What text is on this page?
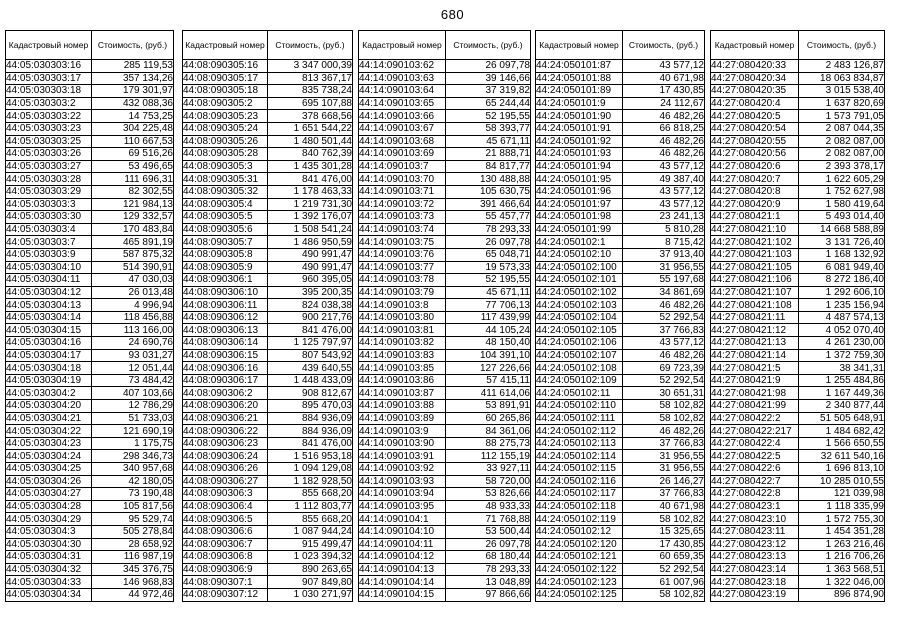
680
Кадастровый номер	Стоимость, (руб.)
44:05:030303:16	285 119,53
44:05:030303:17	357 134,26
44:05:030303:18	179 301,97
44:05:030303:2	432 088,36
44:05:030303:22	14 753,25
44:05:030303:23	304 225,48
44:05:030303:25	110 667,53
44:05:030303:26	69 516,26
44:05:030303:27	53 496,65
44:05:030303:28	111 696,31
44:05:030303:29	82 302,55
44:05:030303:3	121 984,13
44:05:030303:30	129 332,57
44:05:030303:4	170 483,84
44:05:030303:7	465 891,19
44:05:030303:9	587 875,32
44:05:030304:10	514 390,91
44:05:030304:11	47 030,03
44:05:030304:12	26 013,48
44:05:030304:13	4 996,94
44:05:030304:14	118 456,88
44:05:030304:15	113 166,00
44:05:030304:16	24 690,76
44:05:030304:17	93 031,27
44:05:030304:18	12 051,44
44:05:030304:19	73 484,42
44:05:030304:2	407 103,66
44:05:030304:20	12 786,29
44:05:030304:21	51 733,03
44:05:030304:22	121 690,19
44:05:030304:23	1 175,75
44:05:030304:24	298 346,73
44:05:030304:25	340 957,68
44:05:030304:26	42 180,05
44:05:030304:27	73 190,48
44:05:030304:28	105 817,56
44:05:030304:29	95 529,74
44:05:030304:3	505 278,84
44:05:030304:30	28 658,92
44:05:030304:31	116 987,19
44:05:030304:32	345 376,75
44:05:030304:33	146 968,83
44:05:030304:34	44 972,46
Кадастровый номер	Стоимость, (руб.)
44:08:090305:16	3 347 000,39
44:08:090305:17	813 367,17
44:08:090305:18	835 738,24
44:08:090305:2	695 107,88
44:08:090305:23	378 668,56
44:08:090305:24	1 651 544,22
44:08:090305:26	1 480 501,44
44:08:090305:28	840 762,39
44:08:090305:3	1 435 301,28
44:08:090305:31	841 476,00
44:08:090305:32	1 178 463,33
44:08:090305:4	1 219 731,30
44:08:090305:5	1 392 176,07
44:08:090305:6	1 508 541,24
44:08:090305:7	1 486 950,59
44:08:090305:8	490 991,47
44:08:090305:9	490 991,47
44:08:090306:1	960 395,05
44:08:090306:10	395 200,35
44:08:090306:11	824 038,38
44:08:090306:12	900 217,76
44:08:090306:13	841 476,00
44:08:090306:14	1 125 797,97
44:08:090306:15	807 543,92
44:08:090306:16	439 640,55
44:08:090306:17	1 448 433,09
44:08:090306:2	908 812,67
44:08:090306:20	895 470,03
44:08:090306:21	884 936,09
44:08:090306:22	884 936,09
44:08:090306:23	841 476,00
44:08:090306:24	1 516 953,18
44:08:090306:26	1 094 129,08
44:08:090306:27	1 182 928,50
44:08:090306:3	855 668,20
44:08:090306:4	1 112 803,77
44:08:090306:5	855 668,20
44:08:090306:6	1 087 944,24
44:08:090306:7	915 499,47
44:08:090306:8	1 023 394,32
44:08:090306:9	890 263,65
44:08:090307:1	907 849,80
44:08:090307:12	1 030 271,97
Кадастровый номер	Стоимость, (руб.)
44:14:090103:62	26 097,78
44:14:090103:63	39 146,66
44:14:090103:64	37 319,82
44:14:090103:65	65 244,44
44:14:090103:66	52 195,55
44:14:090103:67	58 393,77
44:14:090103:68	45 671,11
44:14:090103:69	21 888,71
44:14:090103:7	84 817,77
44:14:090103:70	130 488,88
44:14:090103:71	105 630,75
44:14:090103:72	391 466,64
44:14:090103:73	55 457,77
44:14:090103:74	78 293,33
44:14:090103:75	26 097,78
44:14:090103:76	65 048,71
44:14:090103:77	19 573,33
44:14:090103:78	52 195,55
44:14:090103:79	45 671,11
44:14:090103:8	77 706,13
44:14:090103:80	117 439,99
44:14:090103:81	44 105,24
44:14:090103:82	48 150,40
44:14:090103:83	104 391,10
44:14:090103:85	127 226,66
44:14:090103:86	57 415,11
44:14:090103:87	411 614,06
44:14:090103:88	53 891,91
44:14:090103:89	60 265,86
44:14:090103:9	84 361,06
44:14:090103:90	88 275,73
44:14:090103:91	112 155,19
44:14:090103:92	33 927,11
44:14:090103:93	58 720,00
44:14:090103:94	53 826,66
44:14:090103:95	48 933,33
44:14:090104:1	71 768,88
44:14:090104:10	53 500,44
44:14:090104:11	26 097,78
44:14:090104:12	68 180,44
44:14:090104:13	78 293,33
44:14:090104:14	13 048,89
44:14:090104:15	97 866,66
Кадастровый номер	Стоимость, (руб.)
44:24:050101:87	43 577,12
44:24:050101:88	40 671,98
44:24:050101:89	17 430,85
44:24:050101:9	24 112,67
44:24:050101:90	46 482,26
44:24:050101:91	66 818,25
44:24:050101:92	46 482,26
44:24:050101:93	46 482,26
44:24:050101:94	43 577,12
44:24:050101:95	49 387,40
44:24:050101:96	43 577,12
44:24:050101:97	43 577,12
44:24:050101:98	23 241,13
44:24:050101:99	5 810,28
44:24:050102:1	8 715,42
44:24:050102:10	37 913,40
44:24:050102:100	31 956,55
44:24:050102:101	55 197,68
44:24:050102:102	34 861,69
44:24:050102:103	46 482,26
44:24:050102:104	52 292,54
44:24:050102:105	37 766,83
44:24:050102:106	43 577,12
44:24:050102:107	46 482,26
44:24:050102:108	69 723,39
44:24:050102:109	52 292,54
44:24:050102:11	30 651,31
44:24:050102:110	58 102,82
44:24:050102:111	58 102,82
44:24:050102:112	46 482,26
44:24:050102:113	37 766,83
44:24:050102:114	31 956,55
44:24:050102:115	31 956,55
44:24:050102:116	26 146,27
44:24:050102:117	37 766,83
44:24:050102:118	40 671,98
44:24:050102:119	58 102,82
44:24:050102:12	15 325,65
44:24:050102:120	17 430,85
44:24:050102:121	60 659,35
44:24:050102:122	52 292,54
44:24:050102:123	61 007,96
44:24:050102:125	58 102,82
Кадастровый номер	Стоимость, (руб.)
44:27:080420:33	2 483 126,87
44:27:080420:34	18 063 834,87
44:27:080420:35	3 015 538,40
44:27:080420:4	1 637 820,69
44:27:080420:5	1 573 791,05
44:27:080420:54	2 087 044,35
44:27:080420:55	2 082 087,00
44:27:080420:56	2 082 087,00
44:27:080420:6	2 393 378,17
44:27:080420:7	1 622 605,29
44:27:080420:8	1 752 627,98
44:27:080420:9	1 580 419,64
44:27:080421:1	5 493 014,40
44:27:080421:10	14 668 588,89
44:27:080421:102	3 131 726,40
44:27:080421:103	1 168 132,92
44:27:080421:105	6 081 949,40
44:27:080421:106	8 272 186,40
44:27:080421:107	1 292 606,10
44:27:080421:108	1 235 156,94
44:27:080421:11	4 487 574,13
44:27:080421:12	4 052 070,40
44:27:080421:13	4 261 230,00
44:27:080421:14	1 372 759,30
44:27:080421:5	38 341,31
44:27:080421:9	1 255 484,86
44:27:080421:98	1 167 449,36
44:27:080421:99	2 340 877,44
44:27:080422:2	51 505 648,91
44:27:080422:217	1 484 682,42
44:27:080422:4	1 566 650,55
44:27:080422:5	32 611 540,16
44:27:080422:6	1 696 813,10
44:27:080422:7	10 285 010,55
44:27:080422:8	121 039,98
44:27:080423:1	1 118 335,99
44:27:080423:10	1 572 755,30
44:27:080423:11	1 454 351,28
44:27:080423:12	1 263 216,46
44:27:080423:13	1 216 706,26
44:27:080423:14	1 363 568,51
44:27:080423:18	1 322 046,00
44:27:080423:19	896 874,90
